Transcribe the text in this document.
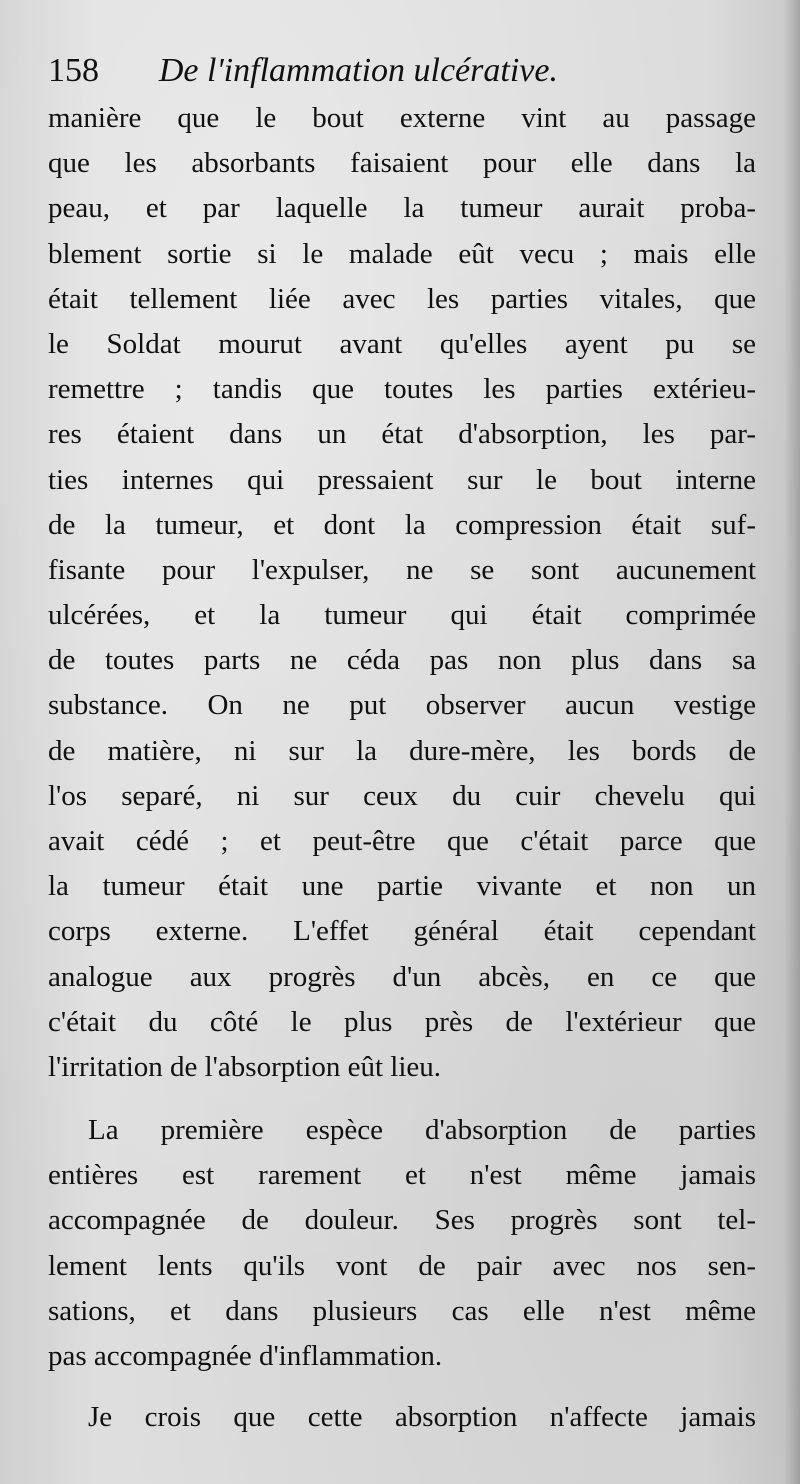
158 De l'inflammation ulcérative.
manière que le bout externe vint au passage
que les absorbants faisaient pour elle dans la
peau, et par laquelle la tumeur aurait proba-
blement sortie si le malade eût vecu ; mais elle
était tellement liée avec les parties vitales, que
le Soldat mourut avant qu'elles ayent pu se
remettre ; tandis que toutes les parties extérieu-
res étaient dans un état d'absorption, les par-
ties internes qui pressaient sur le bout interne
de la tumeur, et dont la compression était suf-
fisante pour l'expulser, ne se sont aucunement
ulcérées, et la tumeur qui était comprimée
de toutes parts ne céda pas non plus dans sa
substance. On ne put observer aucun vestige
de matière, ni sur la dure-mère, les bords de
l'os separé, ni sur ceux du cuir chevelu qui
avait cédé ; et peut-être que c'était parce que
la tumeur était une partie vivante et non un
corps externe. L'effet général était cependant
analogue aux progrès d'un abcès, en ce que
c'était du côté le plus près de l'extérieur que
l'irritation de l'absorption eût lieu.
La première espèce d'absorption de parties
entières est rarement et n'est même jamais
accompagnée de douleur. Ses progrès sont tel-
lement lents qu'ils vont de pair avec nos sen-
sations, et dans plusieurs cas elle n'est même
pas accompagnée d'inflammation.
Je crois que cette absorption n'affecte jamais
